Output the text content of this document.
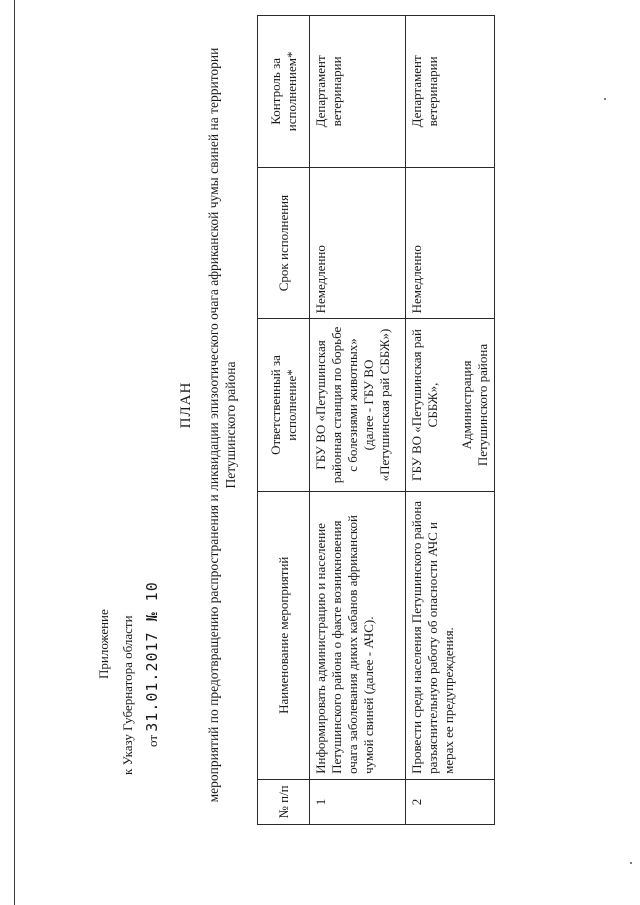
Приложение к Указу Губернатора области от 31.01.2017 № 10
ПЛАН мероприятий по предотвращению распространения и ликвидации эпизоотического очага африканской чумы свиней на территории Петушинского района
№ п/п	Наименование мероприятий	Ответственный за исполнение*	Срок исполнения	Контроль за исполнением*
1	Информировать администрацию и население Петушинского района о факте возникновения очага заболевания диких кабанов африканской чумой свиней (далее - АЧС).	ГБУ ВО «Петушинская районная станция по борьбе с болезнями животных» (далее - ГБУ ВО «Петушинская рай СББЖ»)	Немедленно	Департамент ветеринарии
2	Провести среди населения Петушинского района разъяснительную работу об опасности АЧС и мерах ее предупреждения.	ГБУ ВО «Петушинская рай СББЖ», Администрация Петушинского района	Немедленно	Департамент ветеринарии
